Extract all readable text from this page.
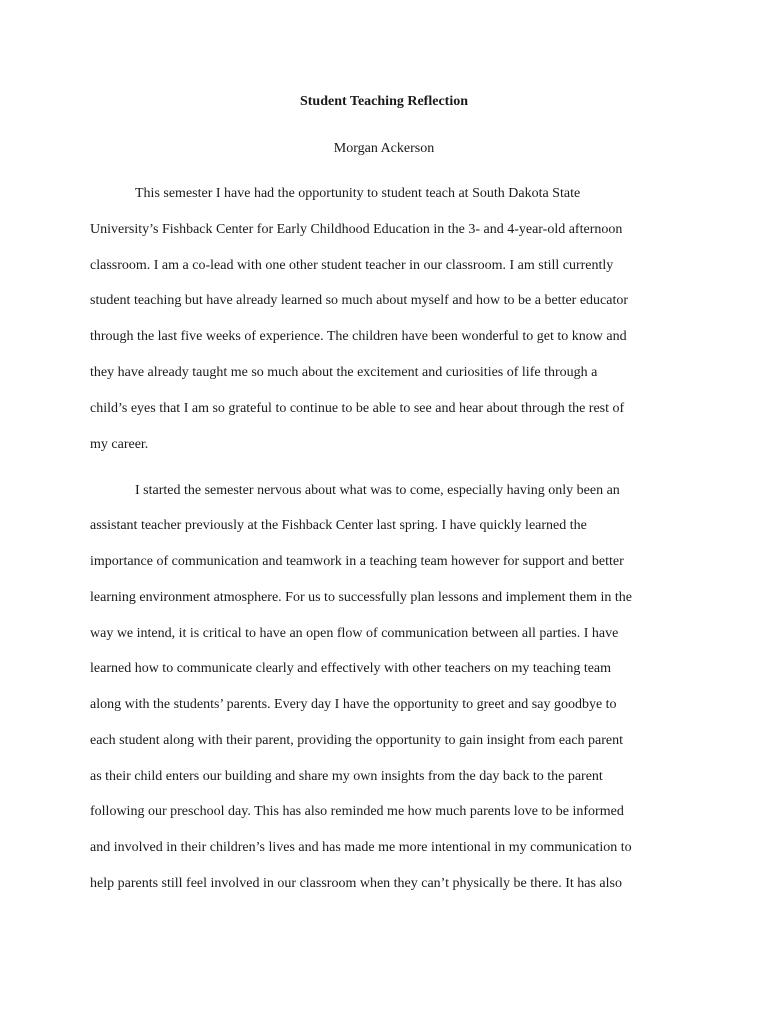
Student Teaching Reflection

Morgan Ackerson

This semester I have had the opportunity to student teach at South Dakota State

University’s Fishback Center for Early Childhood Education in the 3- and 4-year-old afternoon

classroom. I am a co-lead with one other student teacher in our classroom. I am still currently

student teaching but have already learned so much about myself and how to be a better educator

through the last five weeks of experience. The children have been wonderful to get to know and

they have already taught me so much about the excitement and curiosities of life through a

child’s eyes that I am so grateful to continue to be able to see and hear about through the rest of

my career.

I started the semester nervous about what was to come, especially having only been an

assistant teacher previously at the Fishback Center last spring. I have quickly learned the

importance of communication and teamwork in a teaching team however for support and better

learning environment atmosphere. For us to successfully plan lessons and implement them in the

way we intend, it is critical to have an open flow of communication between all parties. I have

learned how to communicate clearly and effectively with other teachers on my teaching team

along with the students’ parents. Every day I have the opportunity to greet and say goodbye to

each student along with their parent, providing the opportunity to gain insight from each parent

as their child enters our building and share my own insights from the day back to the parent

following our preschool day. This has also reminded me how much parents love to be informed

and involved in their children’s lives and has made me more intentional in my communication to

help parents still feel involved in our classroom when they can’t physically be there. It has also
